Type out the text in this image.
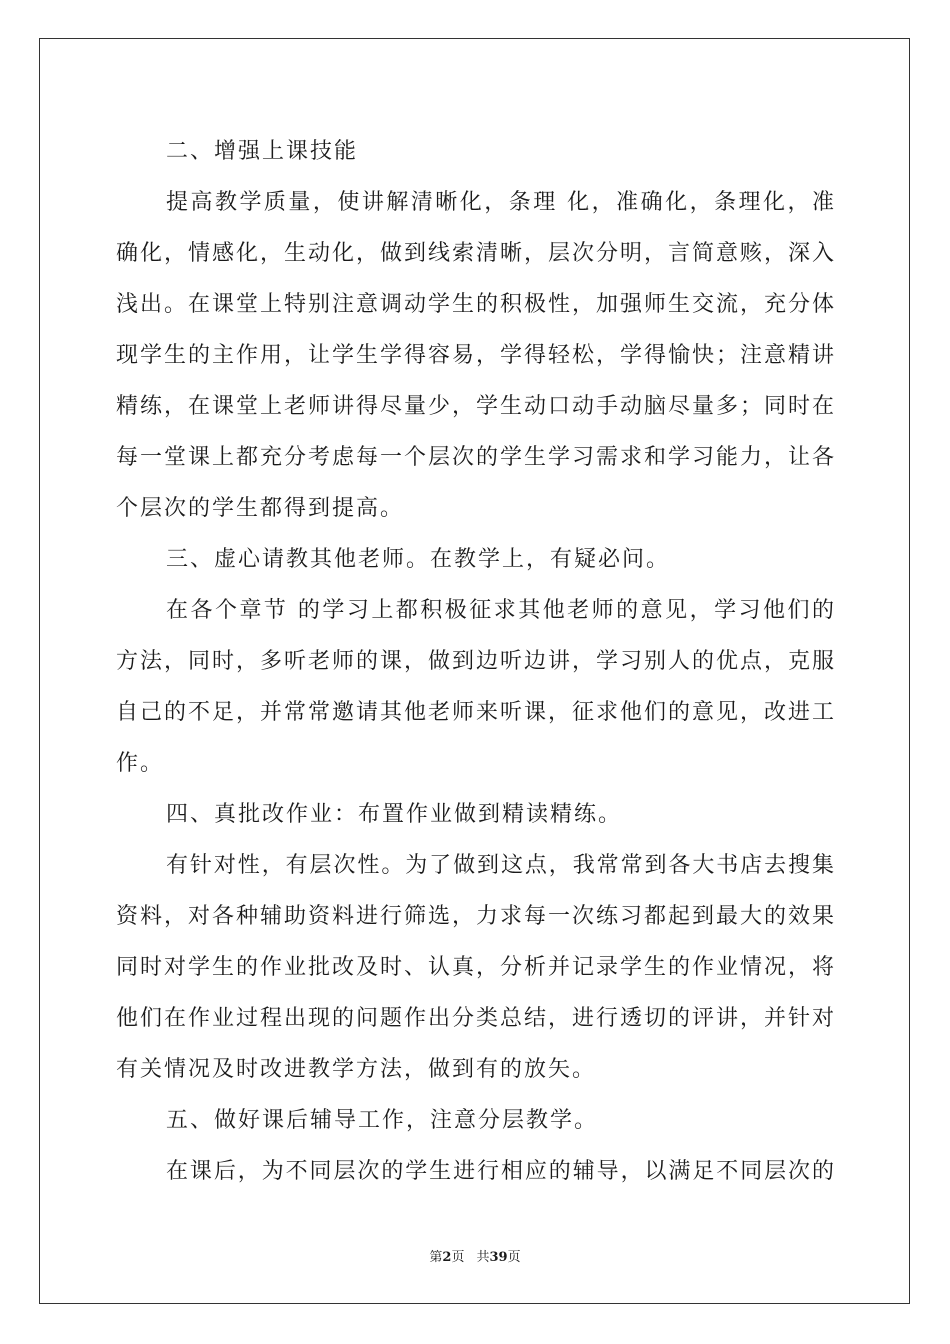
二、增强上课技能
提高教学质量，使讲解清晰化，条理 化，准确化，条理化，准
确化，情感化，生动化，做到线索清晰，层次分明，言简意赅，深入
浅出。在课堂上特别注意调动学生的积极性，加强师生交流，充分体
现学生的主作用，让学生学得容易，学得轻松，学得愉快；注意精讲
精练，在课堂上老师讲得尽量少，学生动口动手动脑尽量多；同时在
每一堂课上都充分考虑每一个层次的学生学习需求和学习能力，让各
个层次的学生都得到提高。
三、虚心请教其他老师。在教学上，有疑必问。
在各个章节 的学习上都积极征求其他老师的意见，学习他们的
方法，同时，多听老师的课，做到边听边讲，学习别人的优点，克服
自己的不足，并常常邀请其他老师来听课，征求他们的意见，改进工
作。
四、真批改作业：布置作业做到精读精练。
有针对性，有层次性。为了做到这点，我常常到各大书店去搜集
资料，对各种辅助资料进行筛选，力求每一次练习都起到最大的效果
同时对学生的作业批改及时、认真，分析并记录学生的作业情况，将
他们在作业过程出现的问题作出分类总结，进行透切的评讲，并针对
有关情况及时改进教学方法，做到有的放矢。
五、做好课后辅导工作，注意分层教学。
在课后，为不同层次的学生进行相应的辅导，以满足不同层次的
第2页 共39页
